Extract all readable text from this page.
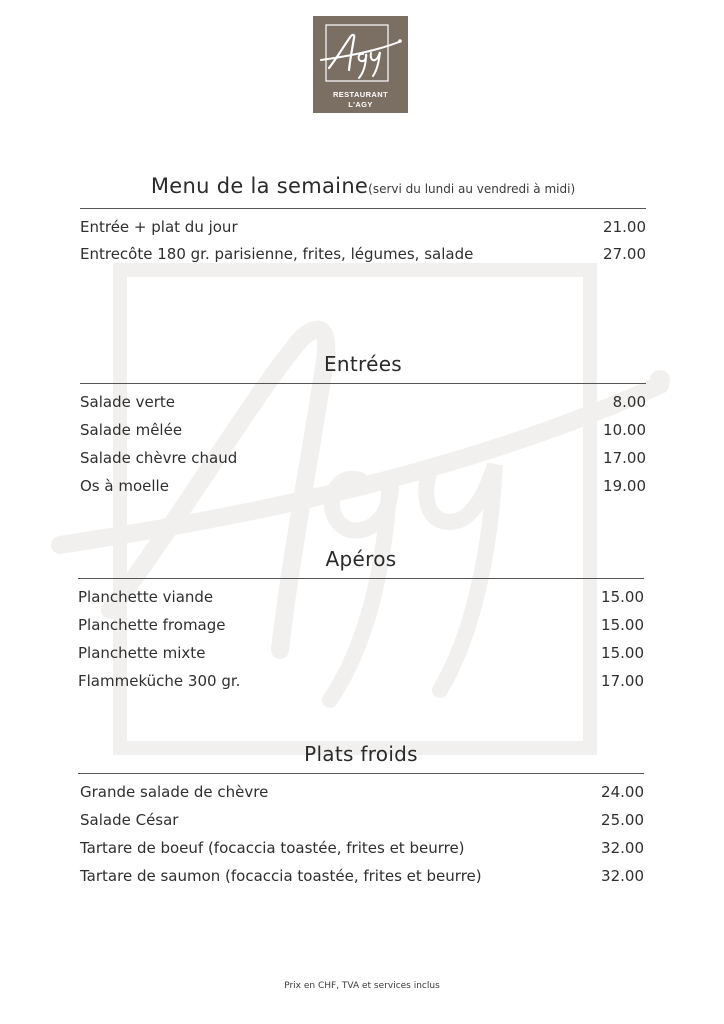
RESTAURANT
L'AGY
Menu de la semaine(servi du lundi au vendredi à midi)
Entrée + plat du jour	21.00
Entrecôte 180 gr. parisienne, frites, légumes, salade	27.00
Entrées
Salade verte	8.00
Salade mêlée	10.00
Salade chèvre chaud	17.00
Os à moelle	19.00
Apéros
Planchette viande	15.00
Planchette fromage	15.00
Planchette mixte	15.00
Flammeküche 300 gr.	17.00
Plats froids
Grande salade de chèvre	24.00
Salade César	25.00
Tartare de boeuf (focaccia toastée, frites et beurre)	32.00
Tartare de saumon (focaccia toastée, frites et beurre)	32.00
Prix en CHF, TVA et services inclus
